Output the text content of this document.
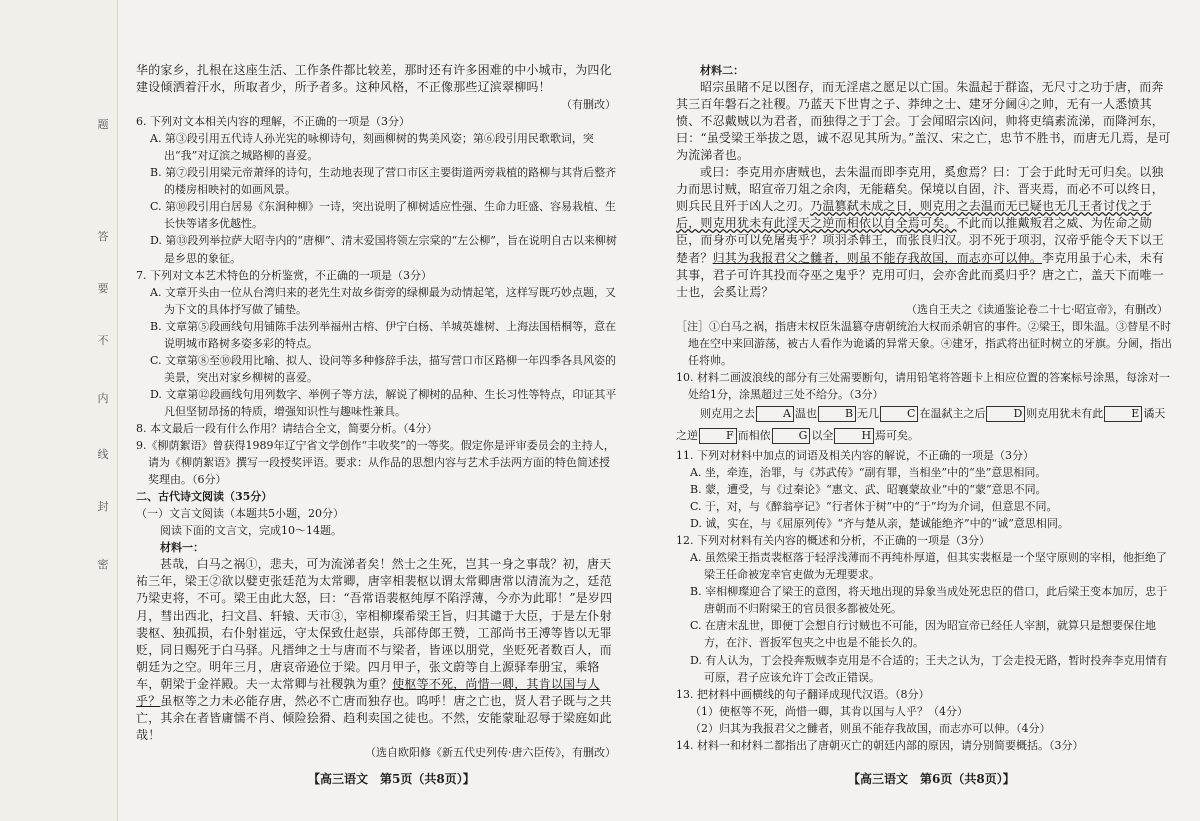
题
答
要
不
内
线
封
密

华的家乡，扎根在这座生活、工作条件都比较差，那时还有许多困难的中小城市，为四化建设倾洒着汗水，所取者少，所予者多。这种风格，不正像那些辽滨翠柳吗！

（有删改）

6. 下列对文本相关内容的理解，不正确的一项是（3分）

A. 第③段引用五代诗人孙光宪的咏柳诗句，刻画柳树的隽美风姿；第⑥段引用民歌歌词，突出“我”对辽滨之城路柳的喜爱。

B. 第⑦段引用梁元帝萧绎的诗句，生动地表现了营口市区主要街道两旁栽植的路柳与其背后整齐的楼房相映衬的如画风景。

C. 第⑩段引用白居易《东涧种柳》一诗，突出说明了柳树适应性强、生命力旺盛、容易栽植、生长快等诸多优越性。

D. 第⑬段列举拉萨大昭寺内的“唐柳”、清末爱国将领左宗棠的“左公柳”，旨在说明自古以来柳树是乡思的象征。

7. 下列对文本艺术特色的分析鉴赏，不正确的一项是（3分）

A. 文章开头由一位从台湾归来的老先生对故乡街旁的绿柳最为动情起笔，这样写既巧妙点题，又为下文的具体抒写做了铺垫。

B. 文章第⑤段画线句用铺陈手法列举福州古榕、伊宁白杨、羊城英雄树、上海法国梧桐等，意在说明城市路树多姿多彩的特点。

C. 文章第⑧至⑩段用比喻、拟人、设问等多种修辞手法，描写营口市区路柳一年四季各具风姿的美景，突出对家乡柳树的喜爱。

D. 文章第⑫段画线句用列数字、举例子等方法，解说了柳树的品种、生长习性等特点，印证其平凡但坚韧昂扬的特质，增强知识性与趣味性兼具。

8. 本文最后一段有什么作用？请结合全文，简要分析。（4分）

9.《柳荫絮语》曾获得1989年辽宁省文学创作“丰收奖”的一等奖。假定你是评审委员会的主持人，请为《柳荫絮语》撰写一段授奖评语。要求：从作品的思想内容与艺术手法两方面的特色简述授奖理由。（6分）

二、古代诗文阅读（35分）

（一）文言文阅读（本题共5小题，20分）

阅读下面的文言文，完成10～14题。

材料一：

甚哉，白马之祸①，悲夫，可为流涕者矣！然士之生死，岂其一身之事哉？初，唐天祐三年，梁王②欲以嬖吏张廷范为太常卿，唐宰相裴枢以谓太常卿唐常以清流为之，廷范乃梁吏将，不可。梁王由此大怒，曰：“吾常语裴枢纯厚不陷浮薄，今亦为此耶！”是岁四月，彗出西北，扫文昌、轩辕、天市③，宰相柳璨希梁王旨，归其谴于大臣，于是左仆射裴枢、独孤损，右仆射崔远，守太保致仕赵崇，兵部侍郎王赞，工部尚书王溥等皆以无罪贬，同日赐死于白马驿。凡搢绅之士与唐而不与梁者，皆诬以朋党，坐贬死者数百人，而朝廷为之空。明年三月，唐哀帝逊位于梁。四月甲子，张文蔚等自上源驿奉册宝，乘辂车，朝梁于金祥殿。夫一太常卿与社稷孰为重？使枢等不死，尚惜一卿，其肯以国与人乎？虽枢等之力未必能存唐，然必不亡唐而独存也。呜呼！唐之亡也，贤人君子既与之共亡，其余在者皆庸懦不肖、倾险狯猾、趋利卖国之徒也。不然，安能蒙耻忍辱于梁庭如此哉！

（选自欧阳修《新五代史列传·唐六臣传》，有删改）

材料二：

昭宗虽睹不足以图存，而无淫虐之愿足以亡国。朱温起于群盗，无尺寸之功于唐，而奔其三百年磐石之社稷。乃蓝天下世胄之子、莽绅之士、建牙分阃④之帅，无有一人悉愤其愤、不忍戴贼以为君者，而独得之于丁会。丁会闻昭宗凶问，帅将吏缟素流涕，而降河东，曰：“虽受梁王举拔之恩，诚不忍见其所为。”盖汉、宋之亡，忠节不胜书，而唐无几焉，是可为流涕者也。

或曰：李克用亦唐贼也，去朱温而即李克用，奚愈焉？曰：丁会于此时无可归矣。以独力而思讨贼，昭宣帝刀俎之余肉，无能藉矣。保境以自固，汴、晋夹焉，而必不可以终日，则兵民且歼于凶人之刃。乃温篡弑未成之日，则克用之去温而无已疑也无几王者讨伐之于后，则克用犹未有此淫天之逆而相依以自全焉可矣。不此而以推戴叛君之威、为佐命之勋臣，而身亦可以免屠夷乎？项羽杀韩王，而张良归汉。羽不死于项羽，汉帝乎能令天下以王楚者？归其为我报君父之雠者，则虽不能存我故国，而志亦可以伸。李克用虽于心未，未有其事，君子可许其投而夺巫之鬼乎？克用可归，会亦舍此而奚归乎？唐之亡，盖天下而唯一士也，会奚让焉？

（选自王夫之《读通鉴论卷二十七·昭宣帝》，有删改）

［注］①白马之祸，指唐末权臣朱温篡夺唐朝统治大权而杀朝官的事件。②梁王，即朱温。③替星不时地在空中来回游荡，被古人看作为诡谲的异常天象。④建牙，指武将出征时树立的牙旗。分阃，指出任将帅。

10. 材料二画波浪线的部分有三处需要断句，请用铅笔将答题卡上相应位置的答案标号涂黑，每涂对一处给1分，涂黑超过三处不给分。（3分）

则克用之去	A 温也	B 无几	C 在温弑主之后	D 则克用犹未有此	E 谲天之逆	F 而相依	G 以全	H 焉可矣。

11. 下列对材料中加点的词语及相关内容的解说，不正确的一项是（3分）

A. 坐，牵连，治罪，与《苏武传》“副有罪，当相坐”中的“坐”意思相同。

B. 蒙，遭受，与《过秦论》“惠文、武、昭襄蒙故业”中的“蒙”意思不同。

C. 于，对，与《醉翁亭记》“行者休于树”中的“于”均为介词，但意思不同。

D. 诚，实在，与《屈原列传》“齐与楚从亲，楚诚能绝齐”中的“诚”意思相同。

12. 下列对材料有关内容的概述和分析，不正确的一项是（3分）

A. 虽然梁王指责裴枢落于轻浮浅薄而不再纯朴厚道，但其实裴枢是一个坚守原则的宰相，他拒绝了梁王任命被宠幸官吏做为无理要求。

B. 宰相柳璨迎合了梁王的意图，将天地出现的异象当成处死忠臣的借口，此后梁王变本加厉，忠于唐朝而不归附梁王的官员很多都被处死。

C. 在唐末乱世，即便丁会想自行讨贼也不可能，因为昭宣帝已经任人宰割，就算只是想要保住地方，在汴、晋扳军包夹之中也是不能长久的。

D. 有人认为，丁会投奔叛贼李克用是不合适的；王夫之认为，丁会走投无路，暂时投奔李克用情有可原，君子应该允许丁会改正错误。

13. 把材料中画横线的句子翻译成现代汉语。（8分）

（1）使枢等不死，尚惜一卿，其肯以国与人乎？（4分）

（2）归其为我报君父之雠者，则虽不能存我故国，而志亦可以伸。（4分）

14. 材料一和材料二都指出了唐朝灭亡的朝廷内部的原因，请分别简要概括。（3分）

【高三语文　第5页（共8页）】	【高三语文　第6页（共8页）】
